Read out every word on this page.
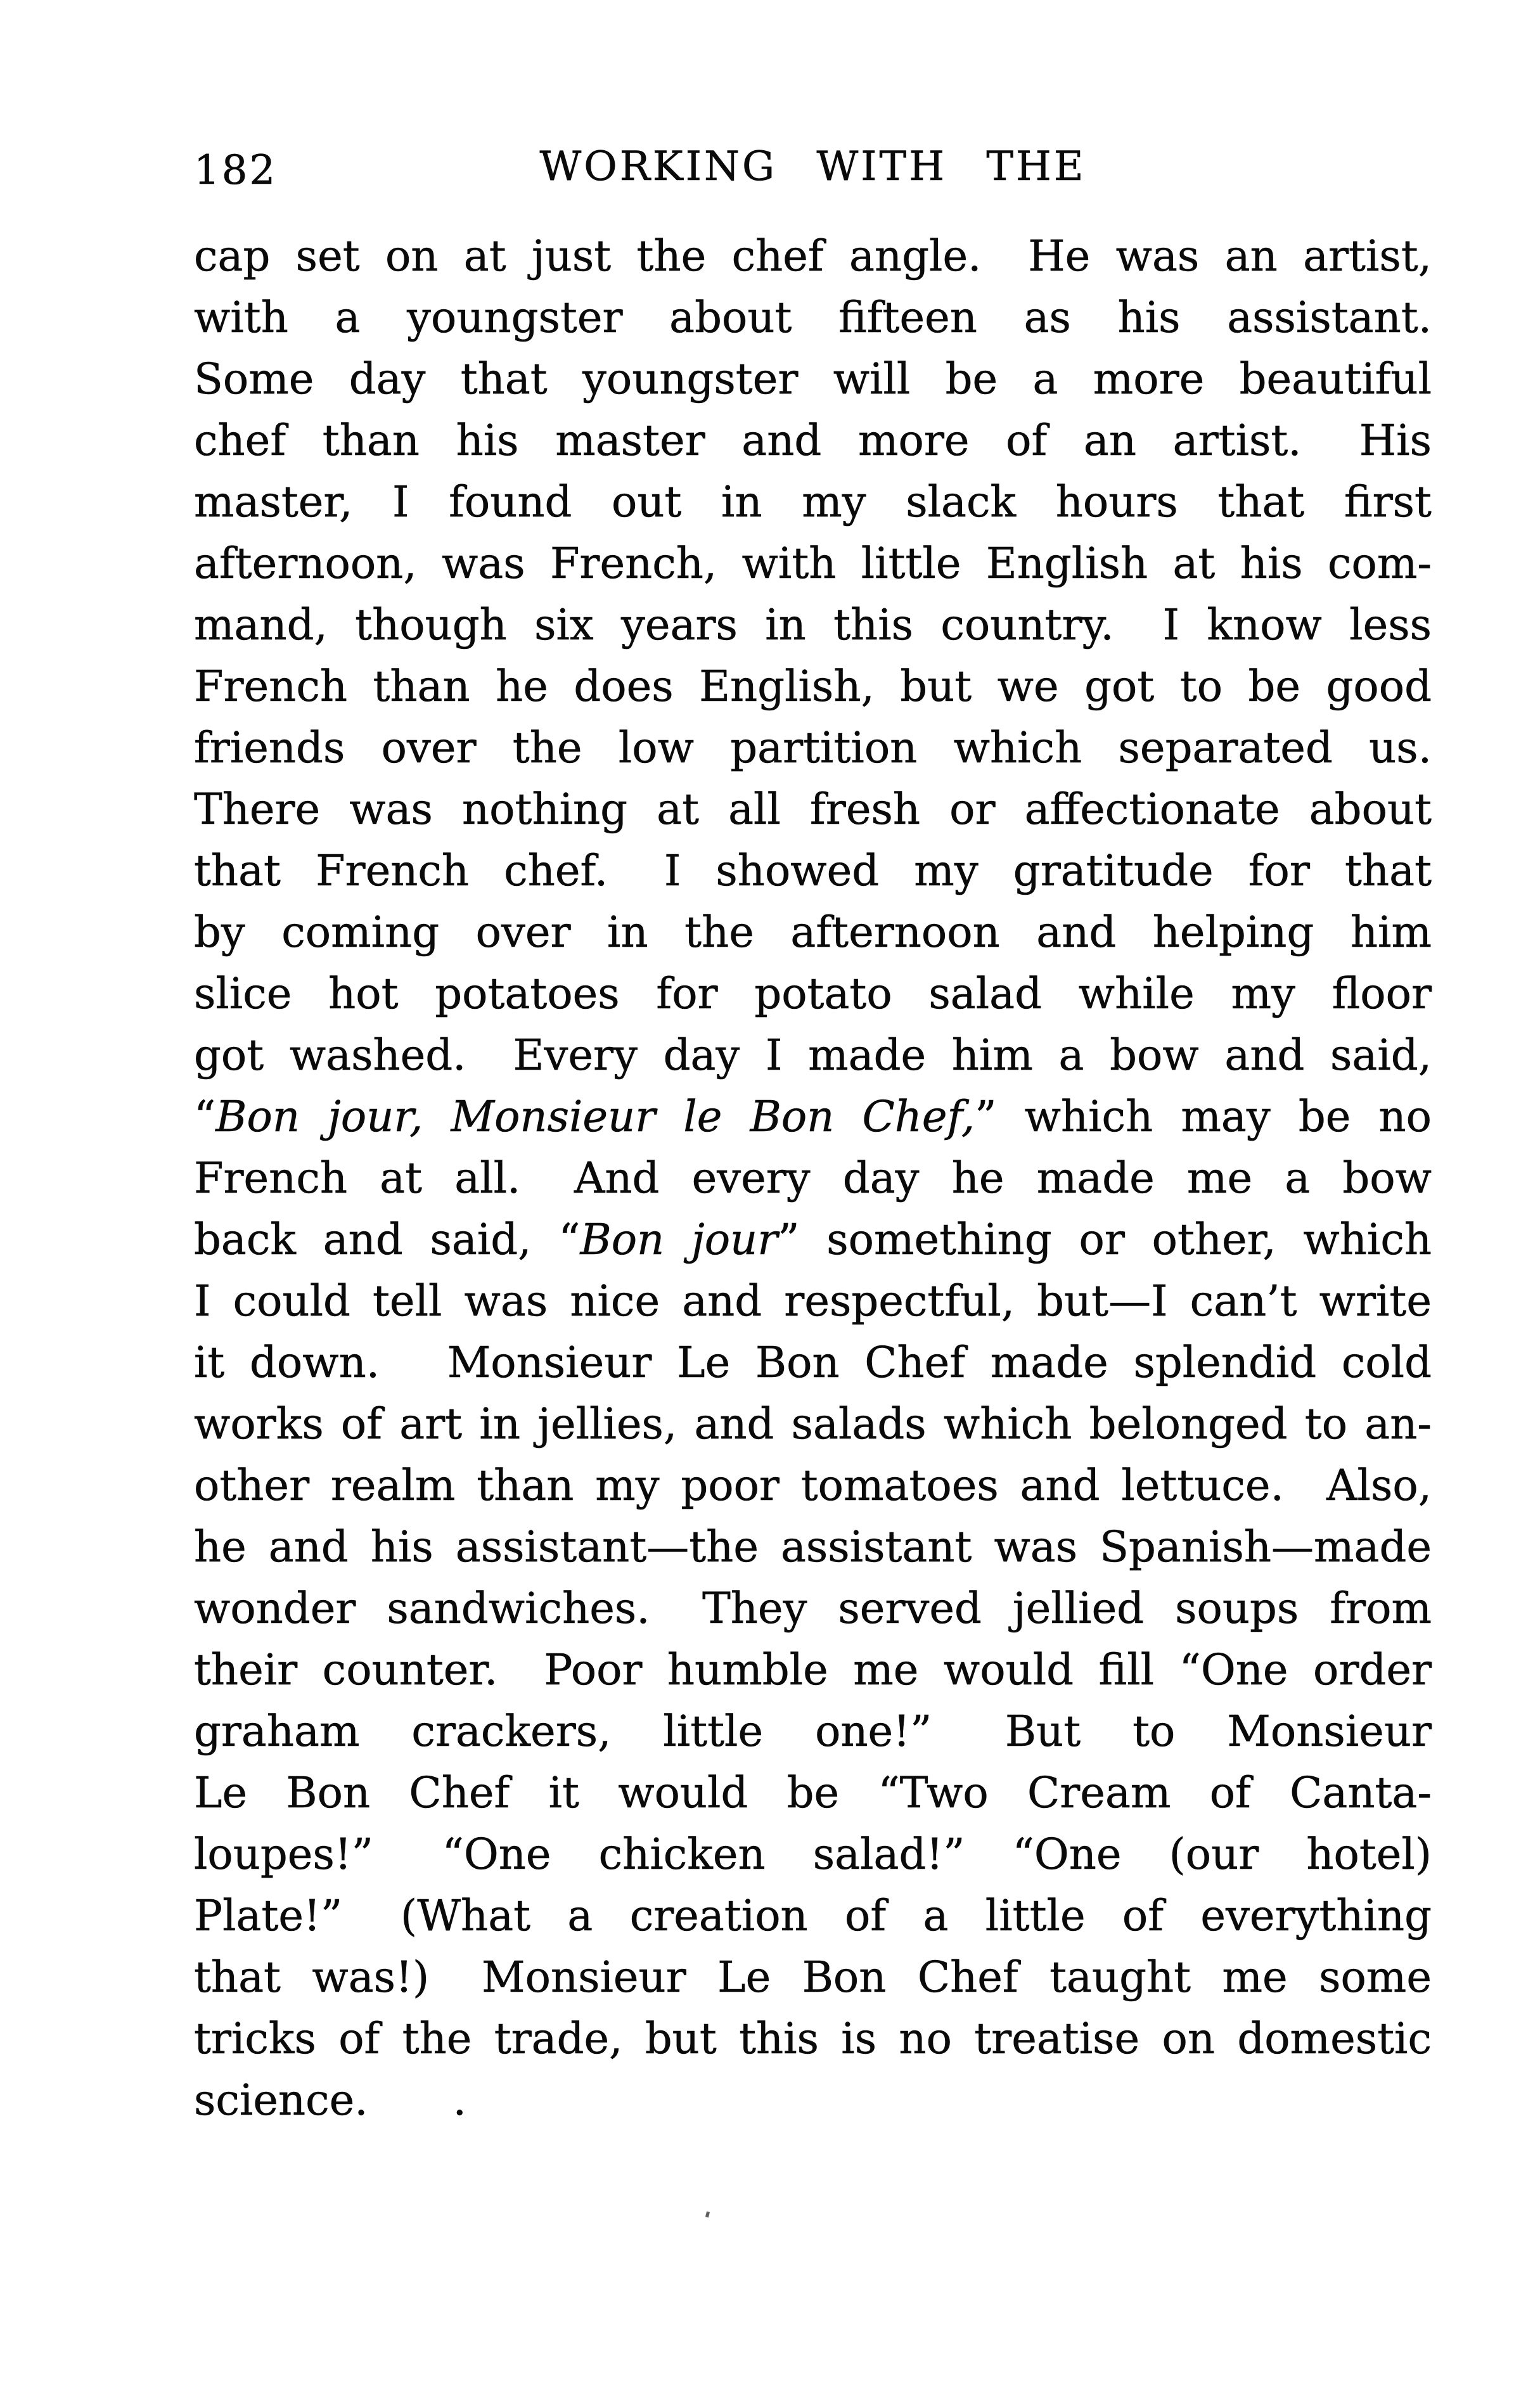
182	WORKING WITH THE
cap set on at just the chef angle.  He was an artist,
with a youngster about fifteen as his assistant.
Some day that youngster will be a more beautiful
chef than his master and more of an artist.  His
master, I found out in my slack hours that first
afternoon, was French, with little English at his com-
mand, though six years in this country.  I know less
French than he does English, but we got to be good
friends over the low partition which separated us.
There was nothing at all fresh or affectionate about
that French chef.  I showed my gratitude for that
by coming over in the afternoon and helping him
slice hot potatoes for potato salad while my floor
got washed.  Every day I made him a bow and said,
“Bon jour, Monsieur le Bon Chef,” which may be no
French at all.  And every day he made me a bow
back and said, “Bon jour” something or other, which
I could tell was nice and respectful, but—I can’t write
it down.   Monsieur Le Bon Chef made splendid cold
works of art in jellies, and salads which belonged to an-
other realm than my poor tomatoes and lettuce.  Also,
he and his assistant—the assistant was Spanish—made
wonder sandwiches.  They served jellied soups from
their counter.  Poor humble me would fill “One order
graham crackers, little one!”  But to Monsieur
Le Bon Chef it would be “Two Cream of Canta-
loupes!”  “One chicken salad!” “One (our hotel)
Plate!”  (What a creation of a little of everything
that was!)  Monsieur Le Bon Chef taught me some
tricks of the trade, but this is no treatise on domestic
science.  .
